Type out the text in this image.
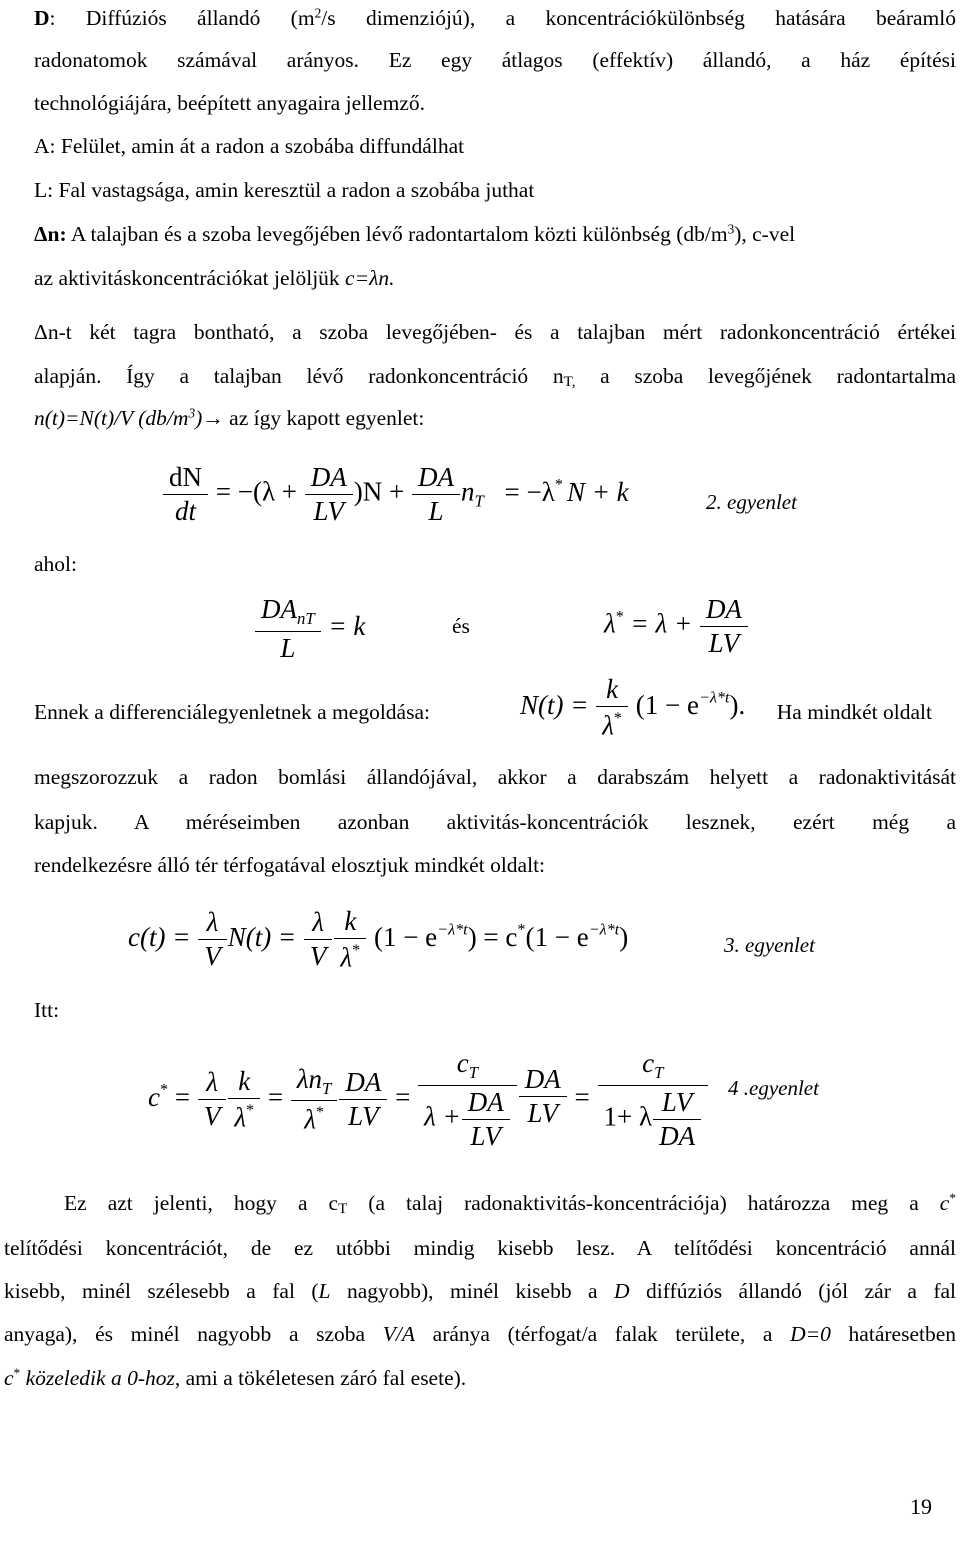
D: Diffúziós állandó ($m^2/s$ dimenziójú), a koncentrációkülönbség hatására beáramló
radonatomok számával arányos. Ez egy átlagos (effektív) állandó, a ház építési
technológiájára, beépített anyagaira jellemző.
A: Felület, amin át a radon a szobába diffundálhat
L: Fal vastagsága, amin keresztül a radon a szobába juthat
Δn: A talajban és a szoba levegőjében lévő radontartalom közti különbség $(db/m^3)$, c-vel
az aktivitáskoncentrációkat jelöljük c=λn.
Δn-t két tagra bontható, a szoba levegőjében- és a talajban mért radonkoncentráció értékei
alapján. Így a talajban lévő radonkoncentráció $n_{T,}$ a szoba levegőjének radontartalma
n(t)=N(t)/V $(db/m^3)\to$ az így kapott egyenlet:
$\frac{dN}{dt} = -(\lambda + \frac{DA}{LV} )N + \frac{DA}{L} n_T = -\lambda^*$ N + k	2. egyenlet
ahol:
$\frac{DA_{nT}}{L} = k$	és	$\lambda^* = \lambda + \frac{DA}{LV}$
Ennek a differenciálegyenletnek a megoldása:	$N(t) = \frac{k}{\lambda^*} (1 - e^{-\lambda*t})$. Ha mindkét oldalt
megszorozzuk a radon bomlási állandójával, akkor a darabszám helyett a radonaktivitását
kapjuk. A méréseimben azonban aktivitás-koncentrációk lesznek, ezért még a
rendelkezésre álló tér térfogatával elosztjuk mindkét oldalt:
$c(t) = \frac{\lambda}{V} N(t) = \frac{\lambda}{V} \frac{k}{\lambda^*} (1 - e^{-\lambda*t}) = c^*(1 - e^{-\lambda*t})$	3. egyenlet
Itt:
$c^* = \frac{\lambda}{V} \frac{k}{\lambda^*} = \frac{\lambda n_T}{\lambda^*} \frac{DA}{LV} = \frac{c_T}{\lambda + \frac{DA}{LV}} \frac{DA}{LV} = \frac{c_T}{1+ \lambda \frac{LV}{DA}} 4$ .egyenlet
Ez azt jelenti, hogy a $c_T$ (a talaj radonaktivitás-koncentrációja) határozza meg a c*
telítődési koncentrációt, de ez utóbbi mindig kisebb lesz. A telítődési koncentráció annál
kisebb, minél szélesebb a fal (L nagyobb), minél kisebb a D diffúziós állandó (jól zár a fal
anyaga), és minél nagyobb a szoba V/A aránya (térfogat/a falak területe, a D=0 határesetben
c* közeledik a 0-hoz, ami a tökéletesen záró fal esete).
19
